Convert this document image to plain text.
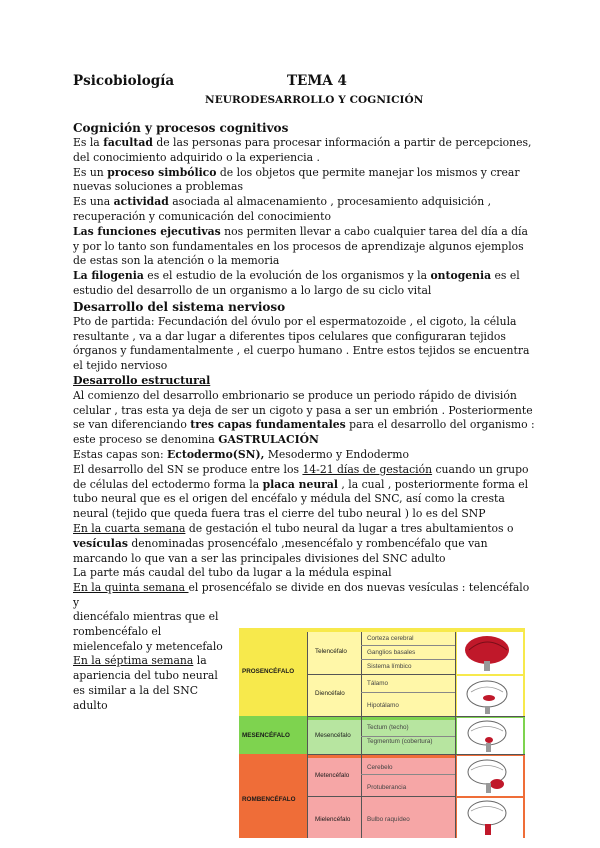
Psicobiología	TEMA 4
NEURODESARROLLO Y COGNICIÓN

Cognición y procesos cognitivos

Es la facultad de las personas para procesar información a partir de percepciones, del conocimiento adquirido o la experiencia .

Es un proceso simbólico de los objetos que permite manejar los mismos y crear nuevas soluciones a problemas

Es una actividad asociada al almacenamiento , procesamiento adquisición , recuperación y comunicación del conocimiento

Las funciones ejecutivas nos permiten llevar a cabo cualquier tarea del día a día y por lo tanto son fundamentales en los procesos de aprendizaje algunos ejemplos de estas son la atención o la memoria

La filogenia es el estudio de la evolución de los organismos y la ontogenia es el estudio del desarrollo de un organismo a lo largo de su ciclo vital

Desarrollo del sistema nervioso

Pto de partida: Fecundación del óvulo por el espermatozoide , el cigoto, la célula resultante , va a dar lugar a diferentes tipos celulares que configuraran tejidos órganos y fundamentalmente , el cuerpo humano . Entre estos tejidos se encuentra el tejido nervioso

Desarrollo estructural

Al comienzo del desarrollo embrionario se produce un periodo rápido de división celular , tras esta ya deja de ser un cigoto y pasa a ser un embrión . Posteriormente se van diferenciando tres capas fundamentales para el desarrollo del organismo : este proceso se denomina GASTRULACIÓN

Estas capas son: Ectodermo(SN), Mesodermo y Endodermo

El desarrollo del SN se produce entre los 14-21 días de gestación cuando un grupo de células del ectodermo forma la placa neural , la cual , posteriormente forma el tubo neural que es el origen del encéfalo y médula del SNC, así como la cresta neural (tejido que queda fuera tras el cierre del tubo neural ) lo es del SNP

En la cuarta semana de gestación el tubo neural da lugar a tres abultamientos o vesículas denominadas prosencéfalo ,mesencéfalo y rombencéfalo que van marcando lo que van a ser las principales divisiones del SNC adulto

La parte más caudal del tubo da lugar a la médula espinal

En la quinta semana el prosencéfalo se divide en dos nuevas vesículas : telencéfalo y

diencéfalo mientras que el rombencéfalo el mielencefalo y metencefalo

En la séptima semana la apariencia del tubo neural es similar a la del SNC adulto

PROSENCÉFALO
MESENCÉFALO
ROMBENCÉFALO
Telencéfalo
Diencéfalo
Mesencéfalo
Metencéfalo
Mielencéfalo
Corteza cerebral
Ganglios basales
Sistema límbico
Tálamo
Hipotálamo
Tectum (techo)
Tegmentum (cobertura)
Cerebelo
Protuberancia
Bulbo raquídeo
